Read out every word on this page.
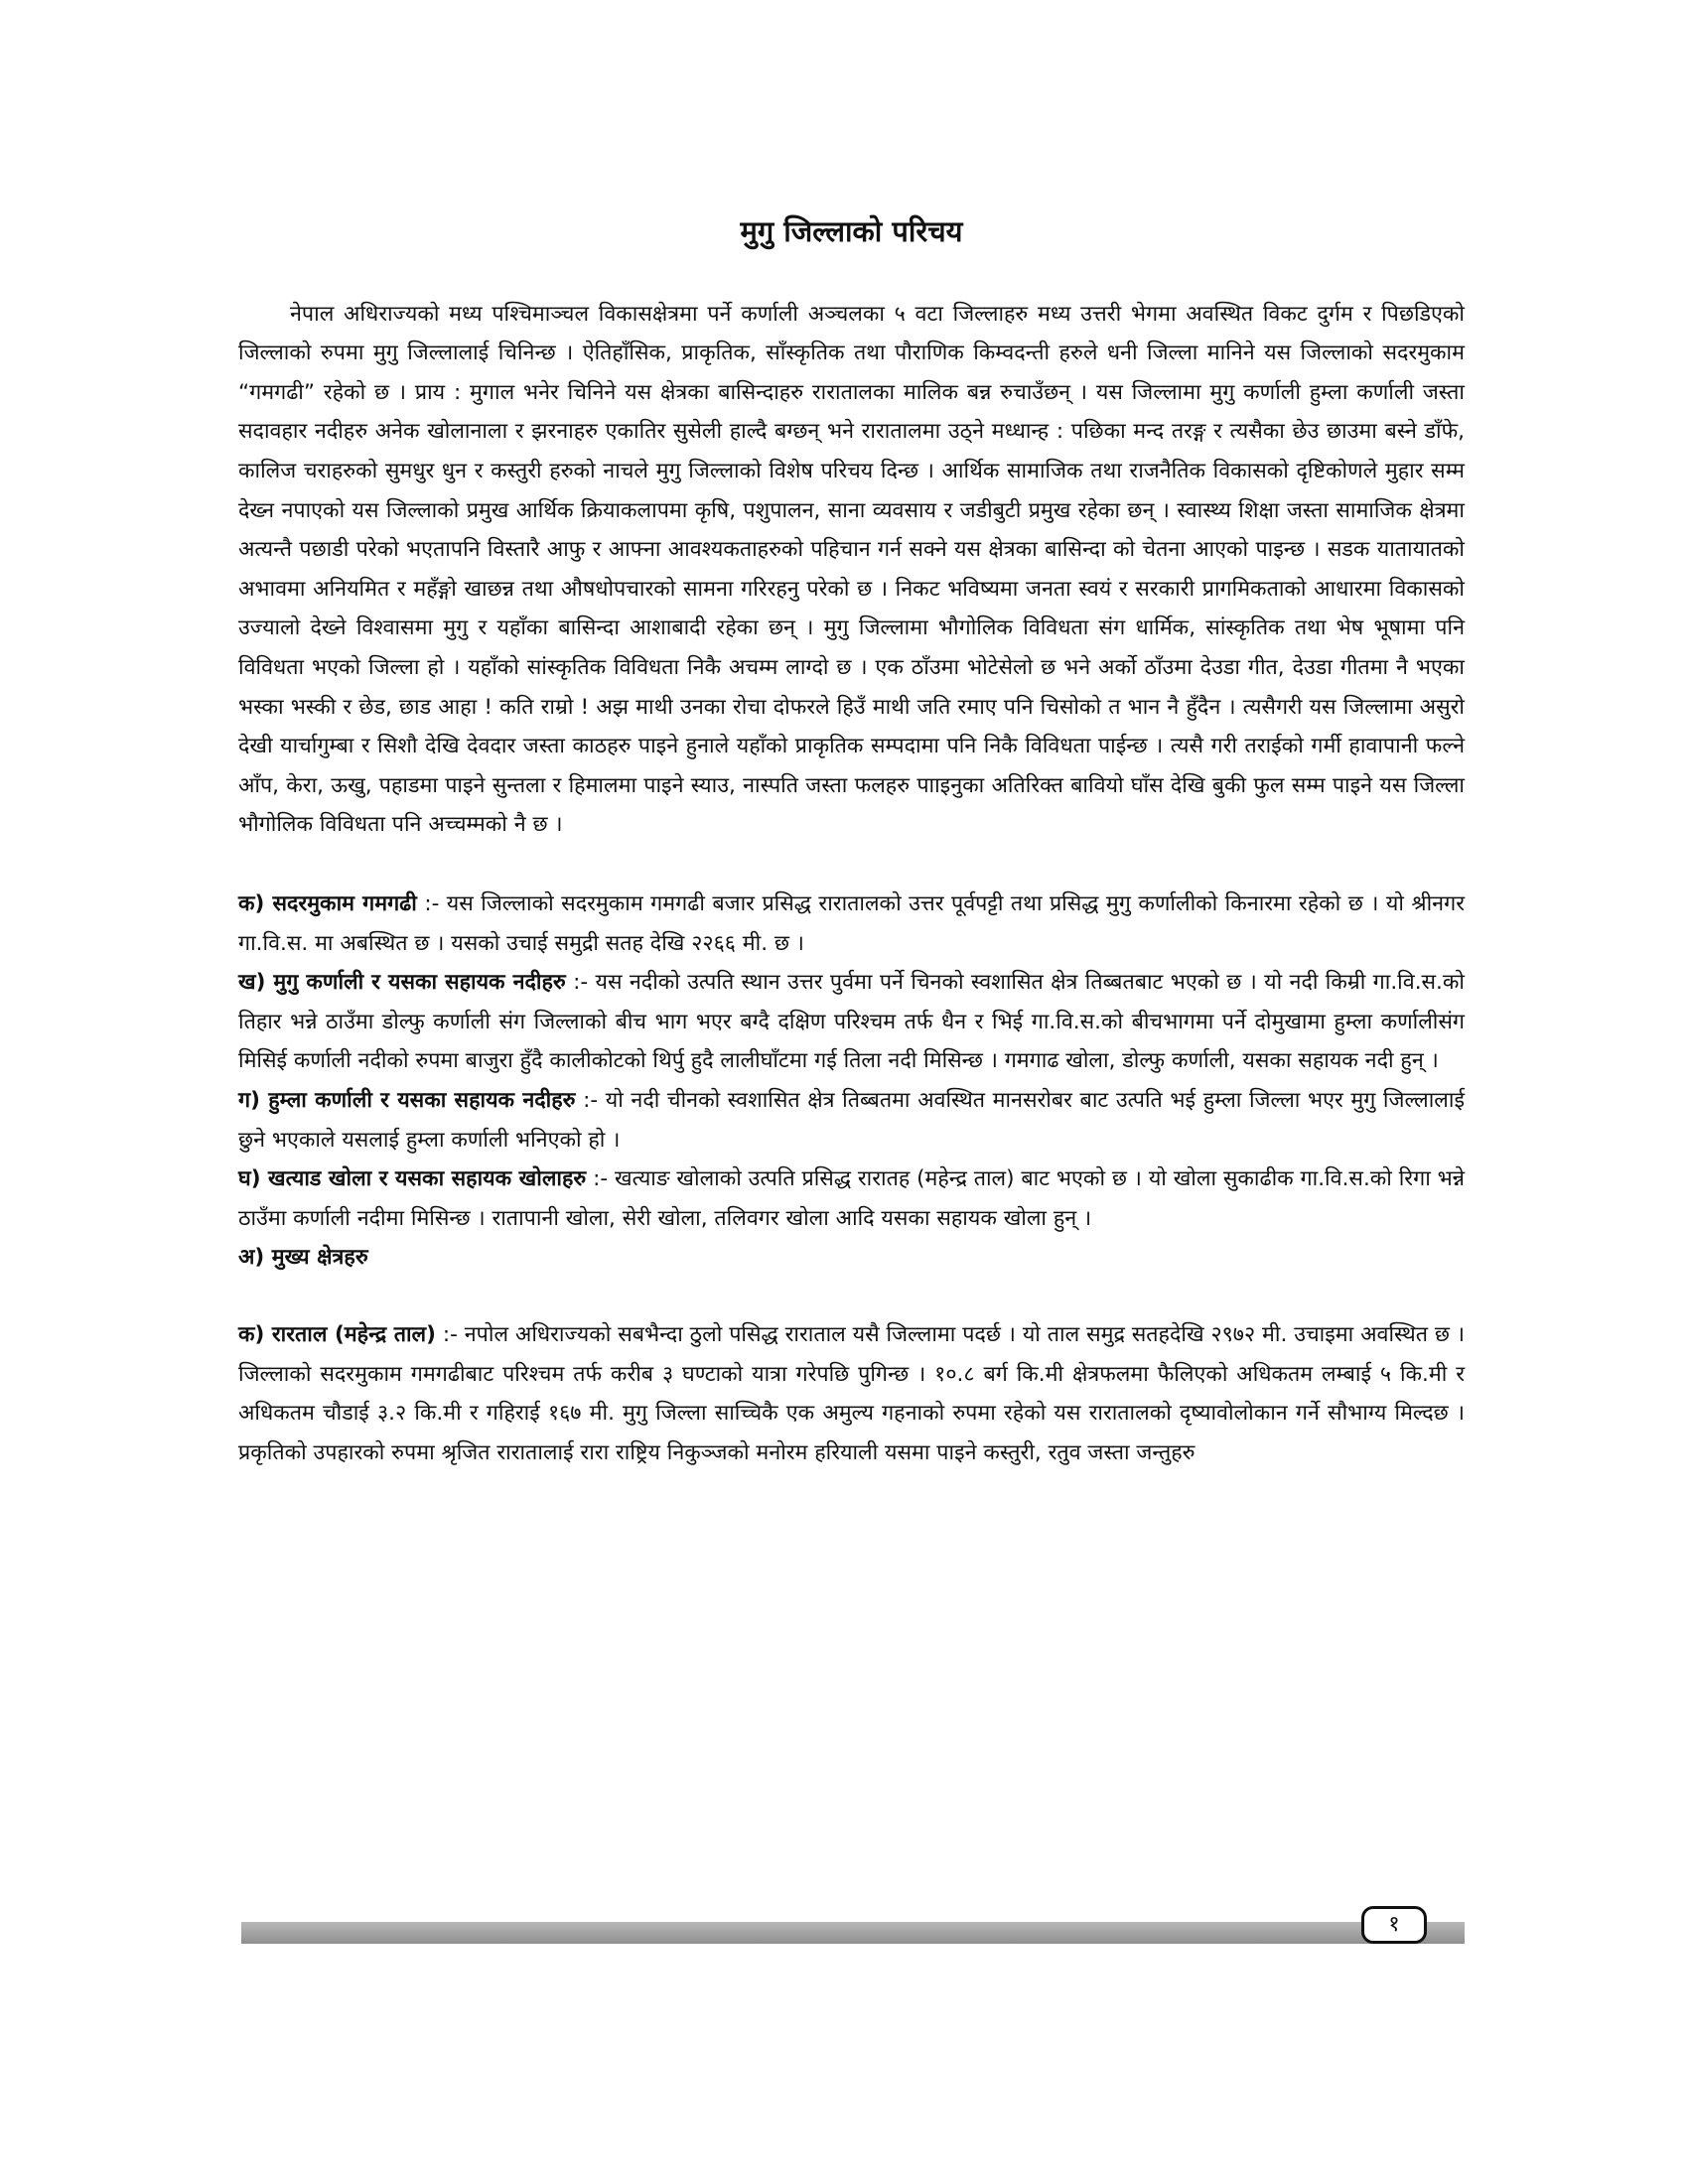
मुगु जिल्लाको परिचय

नेपाल अधिराज्यको मध्य पश्चिमाञ्चल विकासक्षेत्रमा पर्ने कर्णाली अञ्चलका ५ वटा जिल्लाहरु मध्य उत्तरी भेगमा अवस्थित विकट दुर्गम र पिछडिएको जिल्लाको रुपमा मुगु जिल्लालाई चिनिन्छ । ऐतिहाँसिक, प्राकृतिक, साँस्कृतिक तथा पौराणिक किम्वदन्ती हरुले धनी जिल्ला मानिने यस जिल्लाको सदरमुकाम “गमगढी” रहेको छ । प्राय : मुगाल भनेर चिनिने यस क्षेत्रका बासिन्दाहरु रारातालका मालिक बन्न रुचाउँछन् । यस जिल्लामा मुगु कर्णाली हुम्ला कर्णाली जस्ता सदावहार नदीहरु अनेक खोलानाला र झरनाहरु एकातिर सुसेली हाल्दै बग्छन् भने रारातालमा उठ्ने मध्धान्ह : पछिका मन्द तरङ्ग र त्यसैका छेउ छाउमा बस्ने डाँफे, कालिज चराहरुको सुमधुर धुन र कस्तुरी हरुको नाचले मुगु जिल्लाको विशेष परिचय दिन्छ । आर्थिक सामाजिक तथा राजनैतिक विकासको दृष्टिकोणले मुहार सम्म देख्न नपाएको यस जिल्लाको प्रमुख आर्थिक क्रियाकलापमा कृषि, पशुपालन, साना व्यवसाय र जडीबुटी प्रमुख रहेका छन् । स्वास्थ्य शिक्षा जस्ता सामाजिक क्षेत्रमा अत्यन्तै पछाडी परेको भएतापनि विस्तारै आफु र आफ्ना आवश्यकताहरुको पहिचान गर्न सक्ने यस क्षेत्रका बासिन्दा को चेतना आएको पाइन्छ । सडक यातायातको अभावमा अनियमित र महँङ्गो खाछन्न तथा औषधोपचारको सामना गरिरहनु परेको छ । निकट भविष्यमा जनता स्वयं र सरकारी प्रागमिकताको आधारमा विकासको उज्यालो देख्ने विश्वासमा मुगु र यहाँका बासिन्दा आशाबादी रहेका छन् । मुगु जिल्लामा भौगोलिक विविधता संग धार्मिक, सांस्कृतिक तथा भेष भूषामा पनि विविधता भएको जिल्ला हो । यहाँको सांस्कृतिक विविधता निकै अचम्म लाग्दो छ । एक ठाँउमा भोटेसेलो छ भने अर्को ठाँउमा देउडा गीत, देउडा गीतमा नै भएका भस्का भस्की र छेड, छाड आहा ! कति राम्रो ! अझ माथी उनका रोचा दोफरले हिउँ माथी जति रमाए पनि चिसोको त भान नै हुँदैन । त्यसैगरी यस जिल्लामा असुरो देखी यार्चागुम्बा र सिशौ देखि देवदार जस्ता काठहरु पाइने हुनाले यहाँको प्राकृतिक सम्पदामा पनि निकै विविधता पाईन्छ । त्यसै गरी तराईको गर्मी हावापानी फल्ने आँप, केरा, ऊखु, पहाडमा पाइने सुन्तला र हिमालमा पाइने स्याउ, नास्पति जस्ता फलहरु पााइनुका अतिरिक्त बावियो घाँस देखि बुकी फुल सम्म पाइने यस जिल्ला भौगोलिक विविधता पनि अच्चम्मको नै छ ।

क) सदरमुकाम गमगढी :- यस जिल्लाको सदरमुकाम गमगढी बजार प्रसिद्ध रारातालको उत्तर पूर्वपट्टी तथा प्रसिद्ध मुगु कर्णालीको किनारमा रहेको छ । यो श्रीनगर गा.वि.स. मा अबस्थित छ । यसको उचाई समुद्री सतह देखि २२६६ मी. छ ।

ख) मुगु कर्णाली र यसका सहायक नदीहरु :- यस नदीको उत्पति स्थान उत्तर पुर्वमा पर्ने चिनको स्वशासित क्षेत्र तिब्बतबाट भएको छ । यो नदी किम्री गा.वि.स.को तिहार भन्ने ठाउँमा डोल्फु कर्णाली संग जिल्लाको बीच भाग भएर बग्दै दक्षिण परिश्चम तर्फ धैन र भिई गा.वि.स.को बीचभागमा पर्ने दोमुखामा हुम्ला कर्णालीसंग मिसिई कर्णाली नदीको रुपमा बाजुरा हुँदै कालीकोटको थिर्पु हुदै लालीघाँटमा गई तिला नदी मिसिन्छ । गमगाढ खोला, डोल्फु कर्णाली, यसका सहायक नदी हुन् ।

ग) हुम्ला कर्णाली र यसका सहायक नदीहरु :- यो नदी चीनको स्वशासित क्षेत्र तिब्बतमा अवस्थित मानसरोबर बाट उत्पति भई हुम्ला जिल्ला भएर मुगु जिल्लालाई छुने भएकाले यसलाई हुम्ला कर्णाली भनिएको हो ।

घ) खत्याड खोला र यसका सहायक खोलाहरु :- खत्याङ खोलाको उत्पति प्रसिद्ध रारातह (महेन्द्र ताल) बाट भएको छ । यो खोला सुकाढीक गा.वि.स.को रिगा भन्ने ठाउँमा कर्णाली नदीमा मिसिन्छ । रातापानी खोला, सेरी खोला, तलिवगर खोला आदि यसका सहायक खोला हुन् ।

अ) मुख्य क्षेत्रहरु

क) रारताल (महेन्द्र ताल) :- नपोल अधिराज्यको सबभैन्दा ठुलो पसिद्ध राराताल यसै जिल्लामा पदर्छ । यो ताल समुद्र सतहदेखि २९७२ मी. उचाइमा अवस्थित छ । जिल्लाको सदरमुकाम गमगढीबाट परिश्चम तर्फ करीब ३ घण्टाकाे यात्रा गरेपछि पुगिन्छ । १०.८ बर्ग कि.मी क्षेत्रफलमा फैलिएको अधिकतम लम्बाई ५ कि.मी र अधिकतम चौडाई ३.२ कि.मी र गहिराई १६७ मी. मुगु जिल्ला साच्चिकै एक अमुल्य गहनाको रुपमा रहेको यस रारातालको दृष्यावोलोकान गर्ने सौभाग्य मिल्दछ । प्रकृतिको उपहारको रुपमा श्रृजित रारातालाई रारा राष्ट्रिय निकुञ्जको मनोरम हरियाली यसमा पाइने कस्तुरी, रतुव जस्ता जन्तुहरु

१
